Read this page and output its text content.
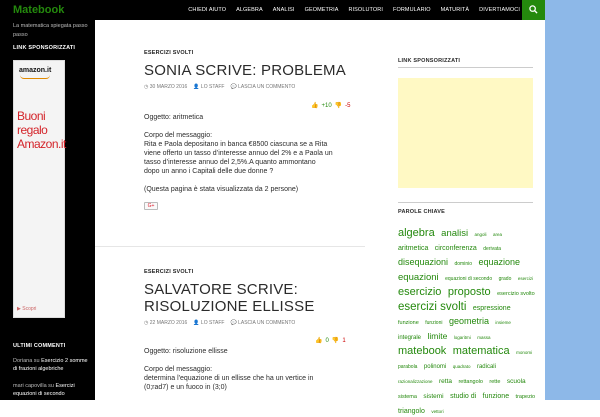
Matebook	CHIEDI AIUTO	ALGEBRA	ANALISI	GEOMETRIA	RISOLUTORI	FORMULARIO	MATURITÀ	DIVERTIAMOCI
La matematica spiegata passo passo
LINK SPONSORIZZATI
amazon.it
Buoni regalo Amazon.it
▶ Scopri
ULTIMI COMMENTI
Doriana su Esercizio 2 somme di frazioni algebriche
mari capovilla su Esercizi equazioni di secondo
ESERCIZI SVOLTI
SONIA SCRIVE: PROBLEMA
◷ 30 MARZO 2016 👤 LO STAFF 💬 LASCIA UN COMMENTO
👍 +10 👎 -5
Oggetto: aritmetica
Corpo del messaggio:
Rita e Paola depositano in banca €8500 ciascuna se a Rita
viene offerto un tasso d’interesse annuo del 2% e a Paola un
tasso d’interesse annuo del 2,5%.A quanto ammontano
dopo un anno i Capitali delle due donne ?
(Questa pagina è stata visualizzata da 2 persone)
G+
ESERCIZI SVOLTI
SALVATORE SCRIVE:
RISOLUZIONE ELLISSE
◷ 22 MARZO 2016 👤 LO STAFF 💬 LASCIA UN COMMENTO
👍 0 👎 1
Oggetto: risoluzione ellisse
Corpo del messaggio:
determina l'equazione di un ellisse che ha un vertice in
(0;rad7) e un fuoco in (3;0)
LINK SPONSORIZZATI
PAROLE CHIAVE
algebra analisi angoli area aritmetica circonferenza derivata disequazioni dominio equazione equazioni equazioni di secondo grado esercizi esercizio proposto esercizio svolto esercizi svolti espressione funzione funzioni geometria insieme integrale limite logaritmi massa matebook matematica monomi parabola polinomi quadrato radicali razionalizzazione retta rettangolo rette scuola sistema sistemi studio di funzione trapezio triangolo vettori
